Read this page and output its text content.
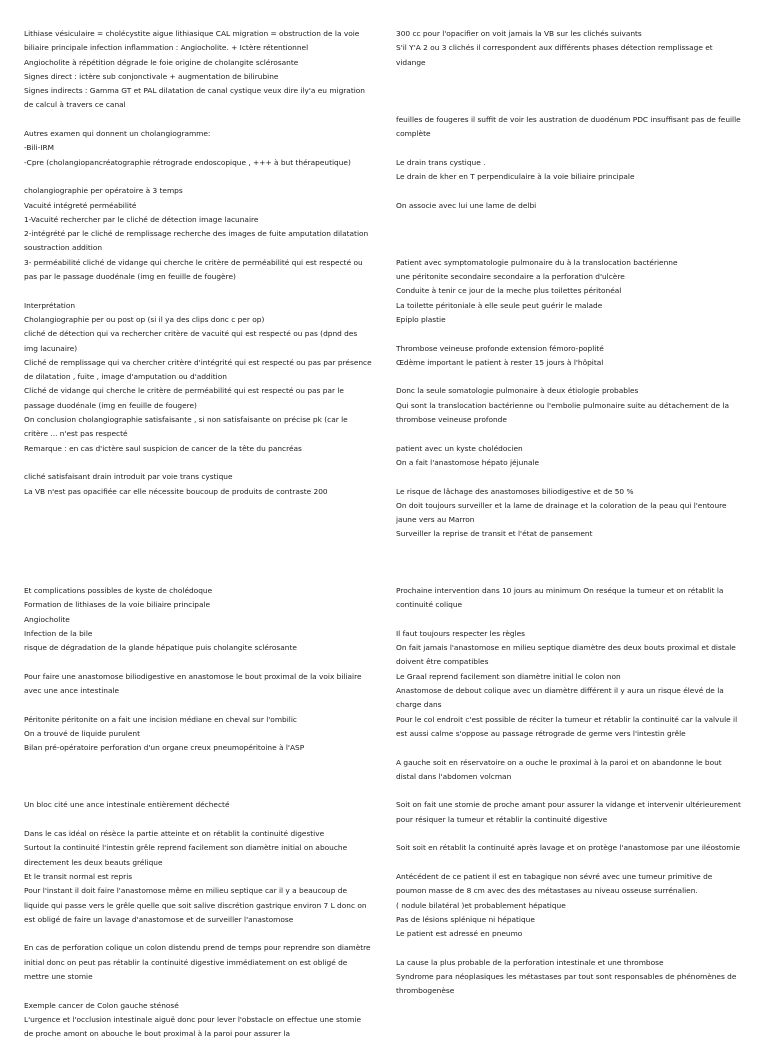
Lithiase vésiculaire = cholécystite aigue lithiasique CAL migration = obstruction de la voie biliaire principale infection inflammation : Angiocholite. + Ictère rétentionnel
Angiocholite à répétition dégrade le foie origine de cholangite sclérosante
Signes direct : ictère sub conjonctivale + augmentation de bilirubine
Signes indirects : Gamma GT et PAL dilatation de canal cystique veux dire ily'a eu migration de calcul à travers ce canal
Autres examen qui donnent un cholangiogramme:
-Bili-IRM
-Cpre (cholangiopancréatographie rétrograde endoscopique , +++ à but thérapeutique)
cholangiographie per opératoire à 3 temps
Vacuité intégreté perméabilité
1-Vacuité rechercher par le cliché de détection image lacunaire
2-intégrété par le cliché de remplissage recherche des images de fuite amputation dilatation soustraction addition
3- perméabilité cliché de vidange qui cherche le critère de perméabilité qui est respecté ou pas par le passage duodénale (img en feuille de fougère)
Interprétation
Cholangiographie per ou post op (si il ya des clips donc c per op)
cliché de détection qui va rechercher critère de vacuité qui est respecté ou pas (dpnd des img lacunaire)
Cliché de remplissage qui va chercher critère d'intégrité qui est respecté ou pas par présence de dilatation , fuite , image d'amputation ou d'addition
Cliché de vidange qui cherche le critère de perméabilité qui est respecté ou pas par le passage duodénale (img en feuille de fougere)
On conclusion cholangiographie satisfaisante , si non satisfaisante on précise pk (car le critère ... n'est pas respecté
Remarque : en cas d'ictère saul suspicion de cancer de la tête du pancréas
cliché satisfaisant drain introduit par voie trans cystique
La VB n'est pas opacifiée car elle nécessite boucoup de produits de contraste 200
300 cc pour l'opacifier on voit jamais la VB sur les clichés suivants
S'il Y'A 2 ou 3 clichés il correspondent aux différents phases détection remplissage et vidange

feuilles de fougeres il suffit de voir les austration de duodénum PDC insuffisant pas de feuille complète
Le drain trans cystique .
Le drain de kher en T perpendiculaire à la voie biliaire principale
On associe avec lui une lame de delbi

Patient avec symptomatologie pulmonaire du à la translocation bactérienne
une péritonite secondaire secondaire a la perforation d'ulcère
Conduite à tenir ce jour de la meche plus toilettes péritonéal
La toilette péritoniale à elle seule peut guérir le malade
Epiplo plastie
Thrombose veineuse profonde extension fémoro-poplité
Œdème important le patient à rester 15 jours à l'hôpital
Donc la seule somatologie pulmonaire à deux étiologie probables
Qui sont la translocation bactérienne ou l'embolie pulmonaire suite au détachement de la thrombose veineuse profonde
patient avec un kyste cholédocien
On a fait l'anastomose hépato jéjunale
Le risque de lâchage des anastomoses biliodigestive et de 50 %
On doit toujours surveiller et la lame de drainage et la coloration de la peau qui l'entoure jaune vers au Marron
Surveiller la reprise de transit et l'état de pansement
Et complications possibles de kyste de cholédoque
Formation de lithiases de la voie biliaire principale
Angiocholite
Infection de la bile
risque de dégradation de la glande hépatique puis cholangite sclérosante
Pour faire une anastomose biliodigestive en anastomose le bout proximal de la voix biliaire avec une ance intestinale
Péritonite péritonite on a fait une incision médiane en cheval sur l'ombilic
On a trouvé de liquide purulent
Bilan pré-opératoire perforation d'un organe creux pneumopéritoine à l'ASP

Un bloc cité une ance intestinale entièrement déchecté
Dans le cas idéal on résèce la partie atteinte et on rétablit la continuité digestive
Surtout la continuité l'intestin grêle reprend facilement son diamètre initial on abouche directement les deux beauts grélique
Et le transit normal est repris
Pour l'instant il doit faire l'anastomose même en milieu septique car il y a beaucoup de liquide qui passe vers le grêle quelle que soit salive discrétion gastrique environ 7 L donc on est obligé de faire un lavage d'anastomose et de surveiller l'anastomose
En cas de perforation colique un colon distendu prend de temps pour reprendre son diamètre initial donc on peut pas rétablir la continuité digestive immédiatement on est obligé de mettre une stomie
Exemple cancer de Colon gauche sténosé
L'urgence et l'occlusion intestinale aiguë donc pour lever l'obstacle on effectue une stomie de proche amont on abouche le bout proximal à la paroi pour assurer la
Prochaine intervention dans 10 jours au minimum On reséque la tumeur et on rétablit la continuité colique
Il faut toujours respecter les règles
On fait jamais l'anastomose en milieu septique diamètre des deux bouts proximal et distale doivent être compatibles
Le Graal reprend facilement son diamètre initial le colon non
Anastomose de debout colique avec un diamètre différent il y aura un risque élevé de la charge dans
Pour le col endroit c'est possible de réciter la tumeur et rétablir la continuité car la valvule il est aussi calme s'oppose au passage rétrograde de germe vers l'intestin grêle
A gauche soit en réservatoire on a ouche le proximal à la paroi et on abandonne le bout distal dans l'abdomen volcman
Soit on fait une stomie de proche amant pour assurer la vidange et intervenir ultérieurement pour résiquer la tumeur et rétablir la continuité digestive
Soit soit en rétablit la continuité après lavage et on protège l'anastomose par une iléostomie
Antécédent de ce patient il est en tabagique non sévré avec une tumeur primitive de poumon masse de 8 cm avec des des métastases au niveau osseuse surrénalien.
( nodule bilatéral )et probablement hépatique
Pas de lésions splénique ni hépatique
Le patient est adressé en pneumo
La cause la plus probable de la perforation intestinale et une thrombose
Syndrome para néoplasiques les métastases par tout sont responsables de phénomènes de thrombogenèse
